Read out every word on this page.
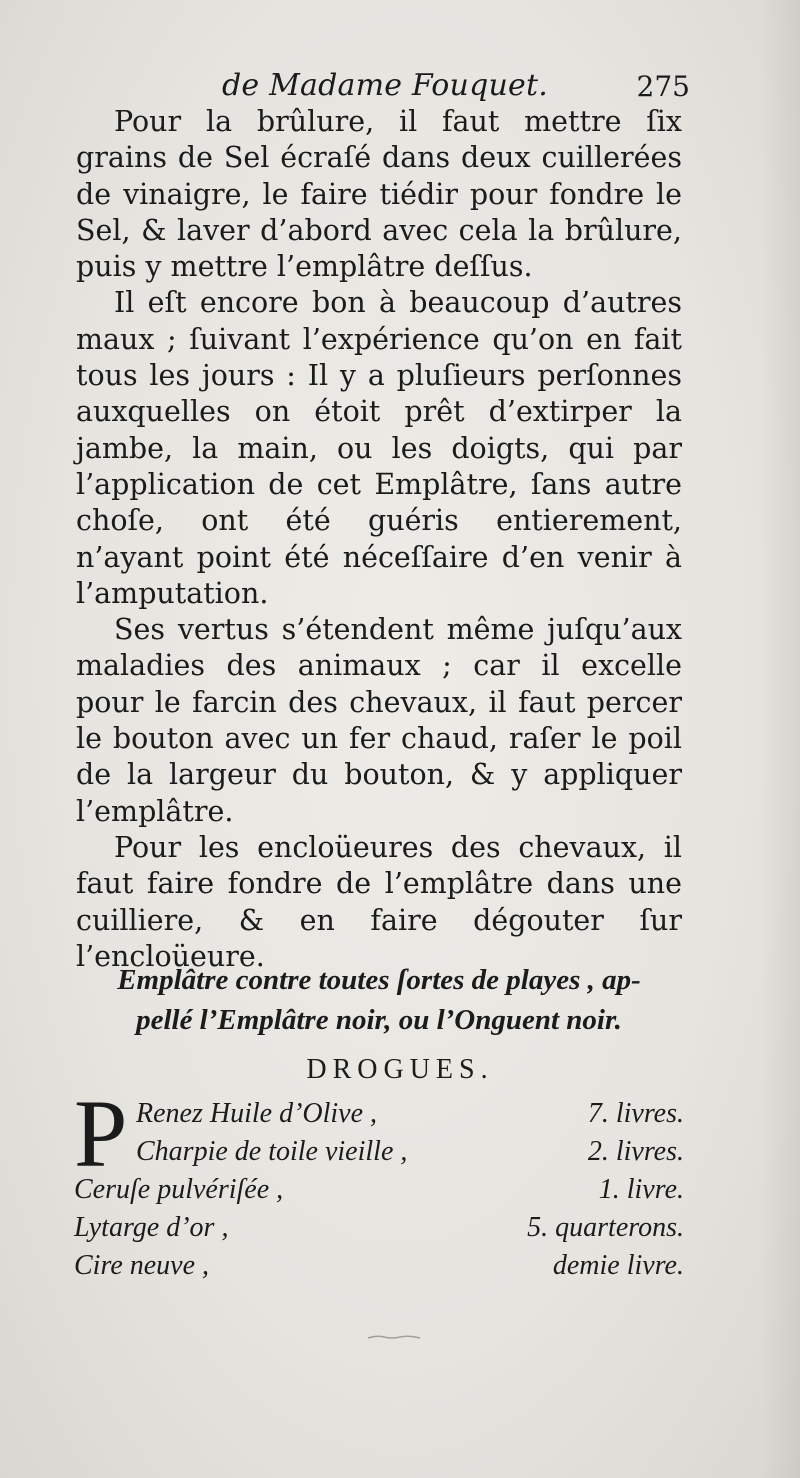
de Madame Fouquet.	275

Pour la brûlure, il faut mettre ſix grains de Sel écraſé dans deux cuillerées de vinaigre, le faire tiédir pour fondre le Sel, & laver d’abord avec cela la brûlure, puis y mettre l’emplâtre deſſus.

Il eſt encore bon à beaucoup d’autres maux ; ſuivant l’expérience qu’on en fait tous les jours : Il y a pluſieurs perſonnes auxquelles on étoit prêt d’extirper la jambe, la main, ou les doigts, qui par l’application de cet Emplâtre, ſans autre choſe, ont été guéris entierement, n’ayant point été néceſſaire d’en venir à l’amputation.

Ses vertus s’étendent même juſqu’aux maladies des animaux ; car il excelle pour le farcin des chevaux, il faut percer le bouton avec un fer chaud, raſer le poil de la largeur du bouton, & y appliquer l’emplâtre.

Pour les encloüeures des chevaux, il faut faire fondre de l’emplâtre dans une cuilliere, & en faire dégouter ſur l’encloüeure.

Emplâtre contre toutes ſortes de playes , ap-
pellé l’Emplâtre noir, ou l’Onguent noir.
DROGUES.
P Renez Huile d’Olive ,	7. livres.
Charpie de toile vieille ,	2. livres.
Ceruſe pulvériſée ,	1. livre.
Lytarge d’or ,	5. quarterons.
Cire neuve ,	demie livre.
